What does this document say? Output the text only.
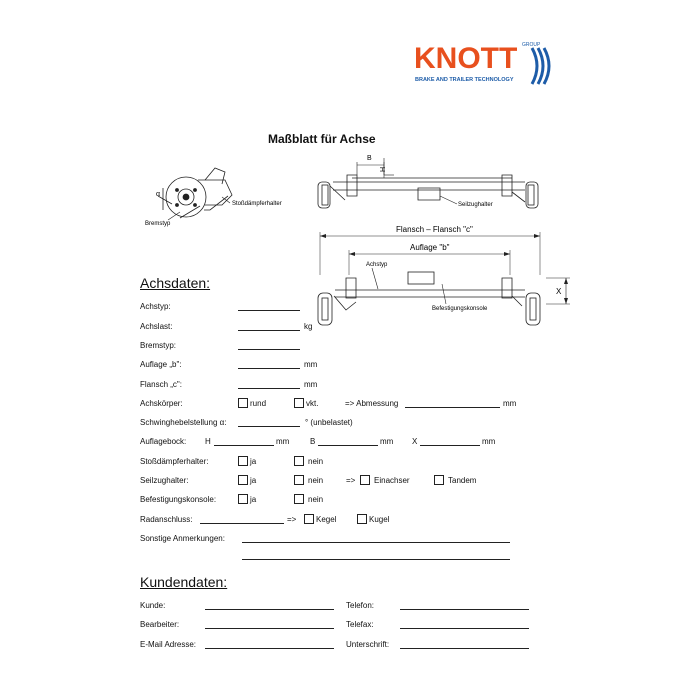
KNOTT GROUP
BRAKE AND TRAILER TECHNOLOGY
Maßblatt für Achse
α
Bremstyp
Stoßdämpferhalter
B
H
Seilzughalter
Flansch – Flansch "c"
Auflage "b"
Achstyp
Befestigungskonsole
X
Achsdaten:
Achstyp:
Achslast:	kg
Bremstyp:
Auflage „b":	mm
Flansch „c":	mm
Achskörper:	rund	vkt.	=> Abmessung	mm
Schwinghebelstellung α:	° (unbelastet)
Auflagebock: H	mm	B	mm X	mm
Stoßdämpferhalter:	ja	nein
Seilzughalter:	ja	nein	=> Einachser	Tandem
Befestigungskonsole:	ja	nein
Radanschluss:	=> Kegel	Kugel
Sonstige Anmerkungen:
Kundendaten:
Kunde:	Telefon:
Bearbeiter:	Telefax:
E-Mail Adresse:	Unterschrift:
